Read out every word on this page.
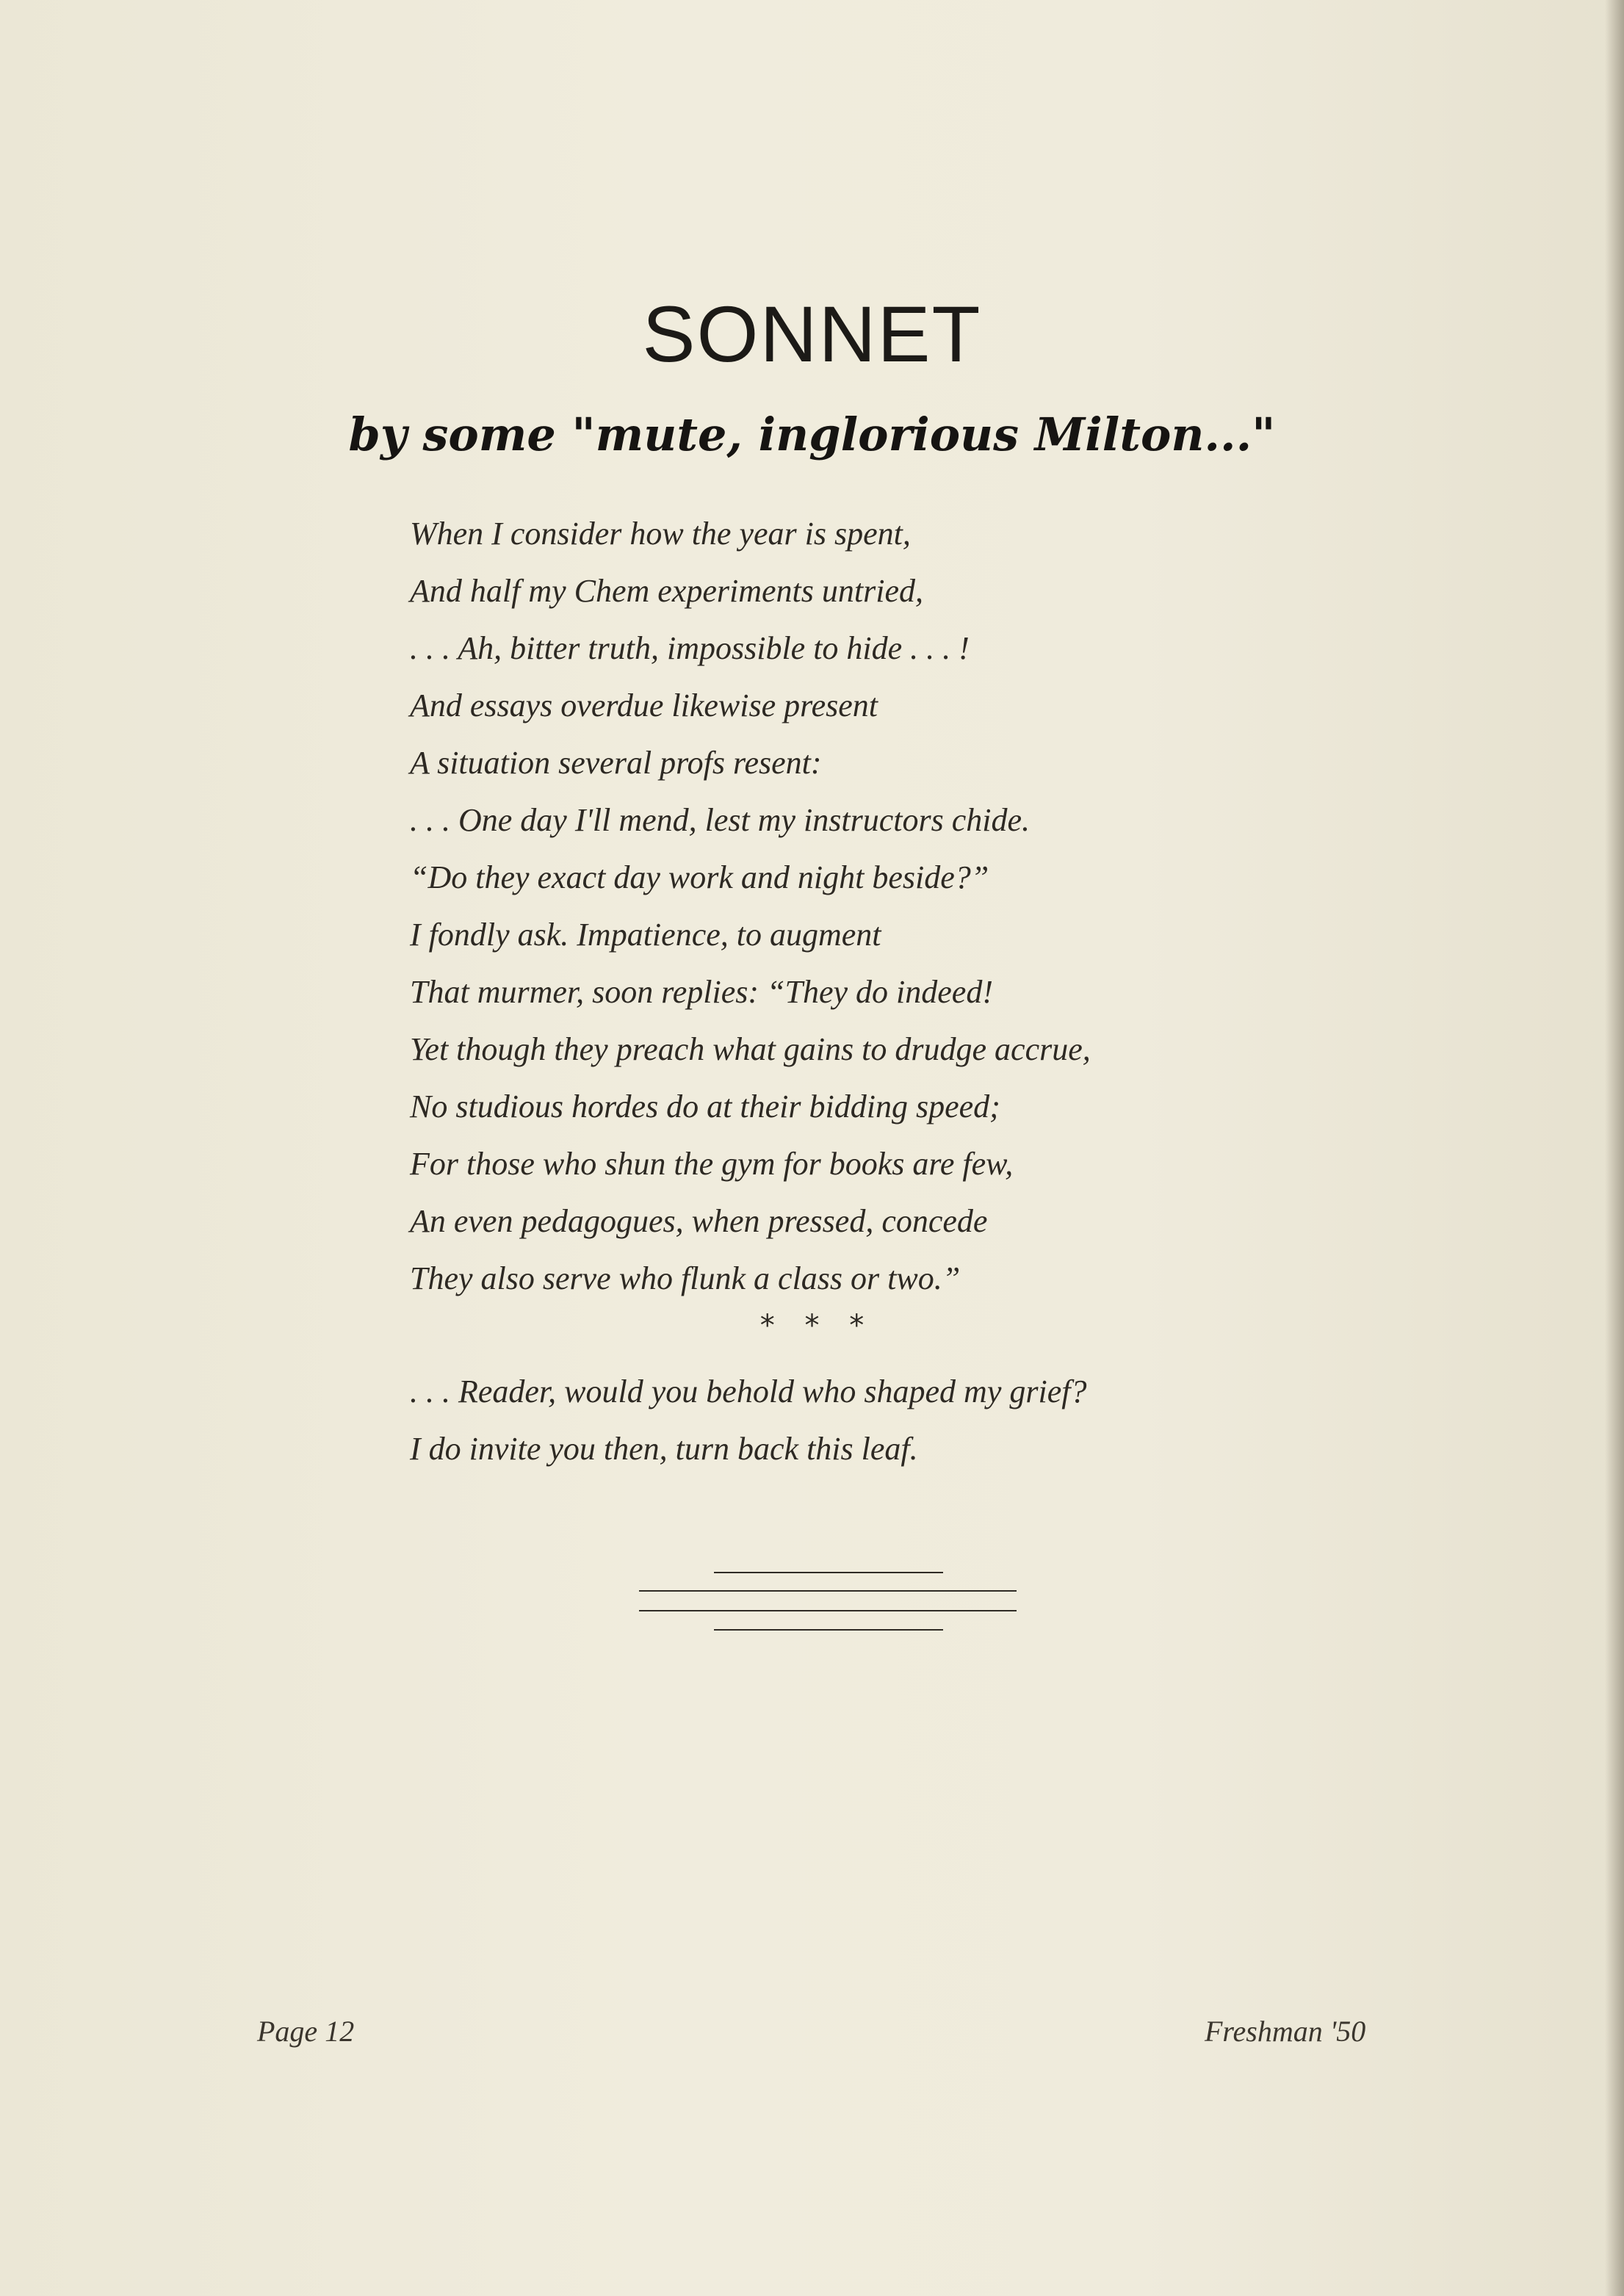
SONNET
by some "mute, inglorious Milton..."
When I consider how the year is spent,
And half my Chem experiments untried,
. . . Ah, bitter truth, impossible to hide . . . !
And essays overdue likewise present
A situation several profs resent:
. . . One day I'll mend, lest my instructors chide.
“Do they exact day work and night beside?”
I fondly ask. Impatience, to augment
That murmer, soon replies: “They do indeed!
Yet though they preach what gains to drudge accrue,
No studious hordes do at their bidding speed;
For those who shun the gym for books are few,
An even pedagogues, when pressed, concede
They also serve who flunk a class or two.”
* * *
. . . Reader, would you behold who shaped my grief?
I do invite you then, turn back this leaf.
Page 12	Freshman '50
